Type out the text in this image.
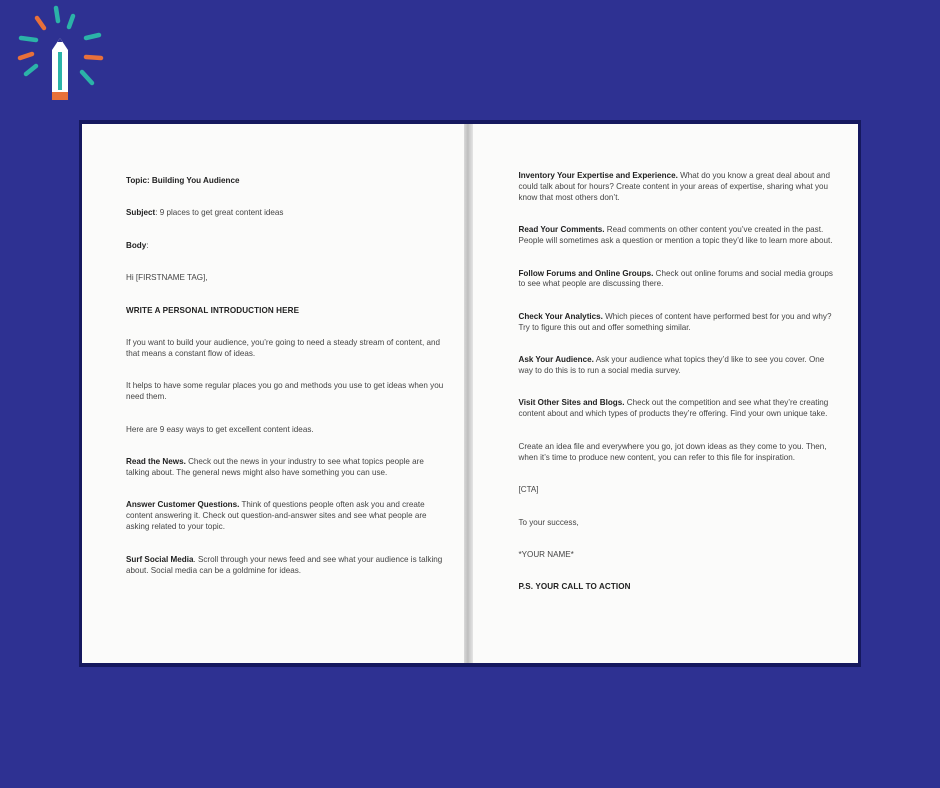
Topic: Building You Audience

Subject: 9 places to get great content ideas

Body:

Hi [FIRSTNAME TAG],

WRITE A PERSONAL INTRODUCTION HERE

If you want to build your audience, you’re going to need a steady stream of content, and that means a constant flow of ideas.

It helps to have some regular places you go and methods you use to get ideas when you need them.

Here are 9 easy ways to get excellent content ideas.

Read the News. Check out the news in your industry to see what topics people are talking about. The general news might also have something you can use.

Answer Customer Questions. Think of questions people often ask you and create content answering it. Check out question-and-answer sites and see what people are asking related to your topic.

Surf Social Media. Scroll through your news feed and see what your audience is talking about. Social media can be a goldmine for ideas.

Inventory Your Expertise and Experience. What do you know a great deal about and could talk about for hours? Create content in your areas of expertise, sharing what you know that most others don’t.

Read Your Comments. Read comments on other content you’ve created in the past. People will sometimes ask a question or mention a topic they’d like to learn more about.

Follow Forums and Online Groups. Check out online forums and social media groups to see what people are discussing there.

Check Your Analytics. Which pieces of content have performed best for you and why? Try to figure this out and offer something similar.

Ask Your Audience. Ask your audience what topics they’d like to see you cover. One way to do this is to run a social media survey.

Visit Other Sites and Blogs. Check out the competition and see what they’re creating content about and which types of products they’re offering. Find your own unique take.

Create an idea file and everywhere you go, jot down ideas as they come to you. Then, when it’s time to produce new content, you can refer to this file for inspiration.

[CTA]

To your success,

*YOUR NAME*

P.S. YOUR CALL TO ACTION
